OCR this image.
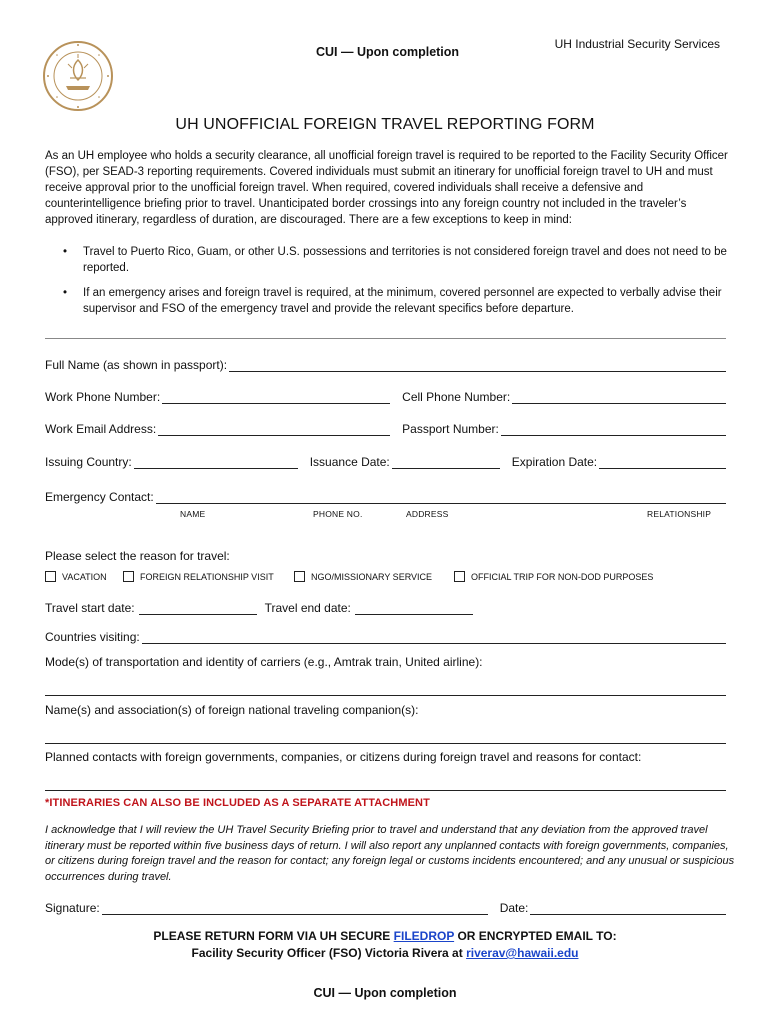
CUI — Upon completion
UH Industrial Security Services
UH UNOFFICIAL FOREIGN TRAVEL REPORTING FORM
As an UH employee who holds a security clearance, all unofficial foreign travel is required to be reported to the Facility Security Officer (FSO), per SEAD-3 reporting requirements. Covered individuals must submit an itinerary for unofficial foreign travel to UH and must receive approval prior to the unofficial foreign travel. When required, covered individuals shall receive a defensive and counterintelligence briefing prior to travel. Unanticipated border crossings into any foreign country not included in the traveler’s approved itinerary, regardless of duration, are discouraged. There are a few exceptions to keep in mind:
• Travel to Puerto Rico, Guam, or other U.S. possessions and territories is not considered foreign travel and does not need to be reported.
• If an emergency arises and foreign travel is required, at the minimum, covered personnel are expected to verbally advise their supervisor and FSO of the emergency travel and provide the relevant specifics before departure.
Full Name (as shown in passport):
Work Phone Number:	Cell Phone Number:
Work Email Address:	Passport Number:
Issuing Country:	Issuance Date:	Expiration Date:
Emergency Contact:
NAME	PHONE NO.	ADDRESS	RELATIONSHIP
Please select the reason for travel:
VACATION	FOREIGN RELATIONSHIP VISIT	NGO/MISSIONARY SERVICE	OFFICIAL TRIP FOR NON-DOD PURPOSES
Travel start date:	Travel end date:
Countries visiting:
Mode(s) of transportation and identity of carriers (e.g., Amtrak train, United airline):
Name(s) and association(s) of foreign national traveling companion(s):
Planned contacts with foreign governments, companies, or citizens during foreign travel and reasons for contact:
*ITINERARIES CAN ALSO BE INCLUDED AS A SEPARATE ATTACHMENT
I acknowledge that I will review the UH Travel Security Briefing prior to travel and understand that any deviation from the approved travel itinerary must be reported within five business days of return. I will also report any unplanned contacts with foreign governments, companies, or citizens during foreign travel and the reason for contact; any foreign legal or customs incidents encountered; and any unusual or suspicious occurrences during travel.
Signature:	Date:
PLEASE RETURN FORM VIA UH SECURE FILEDROP OR ENCRYPTED EMAIL TO:
Facility Security Officer (FSO) Victoria Rivera at riverav@hawaii.edu
CUI — Upon completion
